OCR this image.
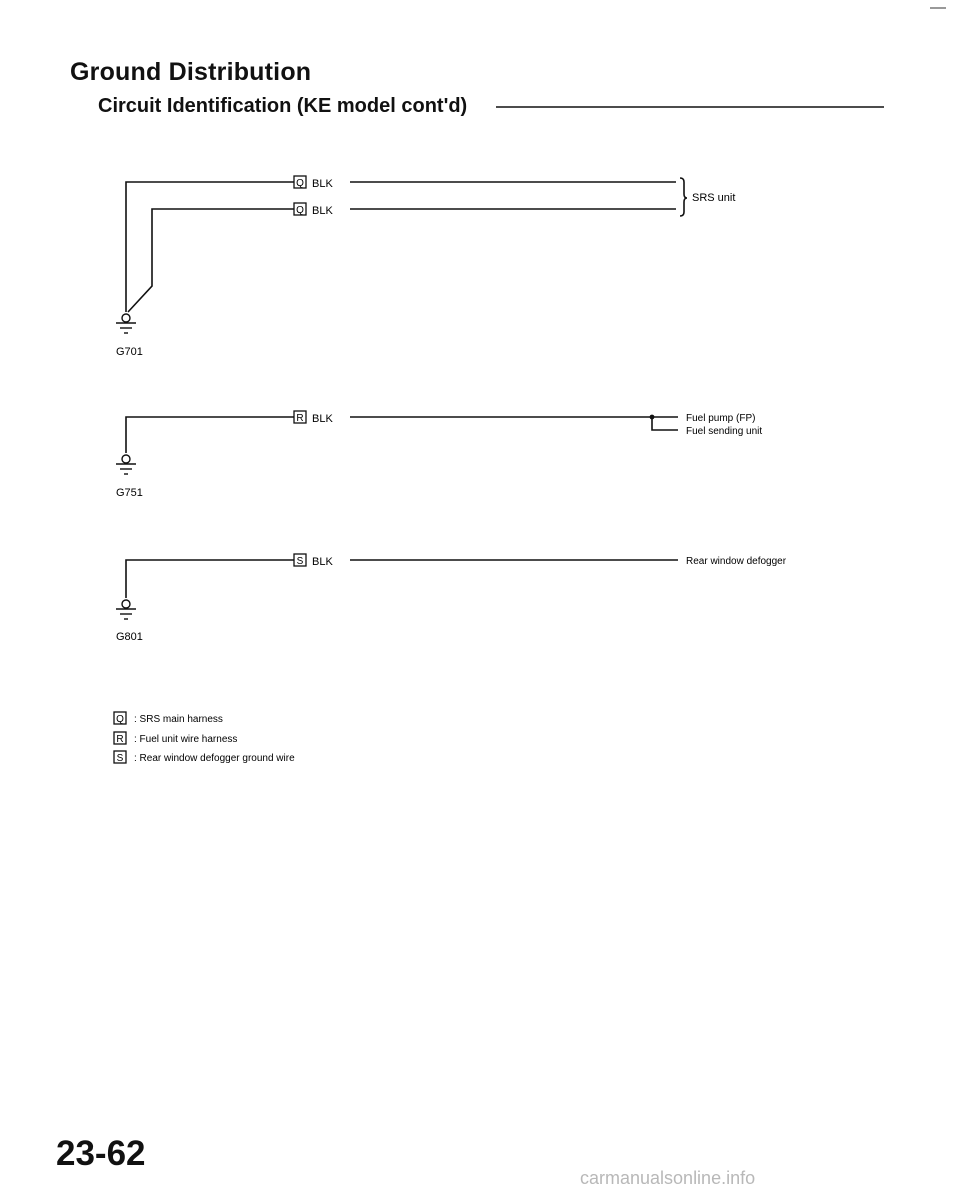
Ground Distribution
Circuit Identification (KE model cont'd)
Q BLK
Q BLK
SRS unit
G701
R BLK	Fuel pump (FP)
Fuel sending unit
G751
S BLK	Rear window defogger
G801
Q : SRS main harness
R : Fuel unit wire harness
S : Rear window defogger ground wire
23-62
carmanualsonline.info
